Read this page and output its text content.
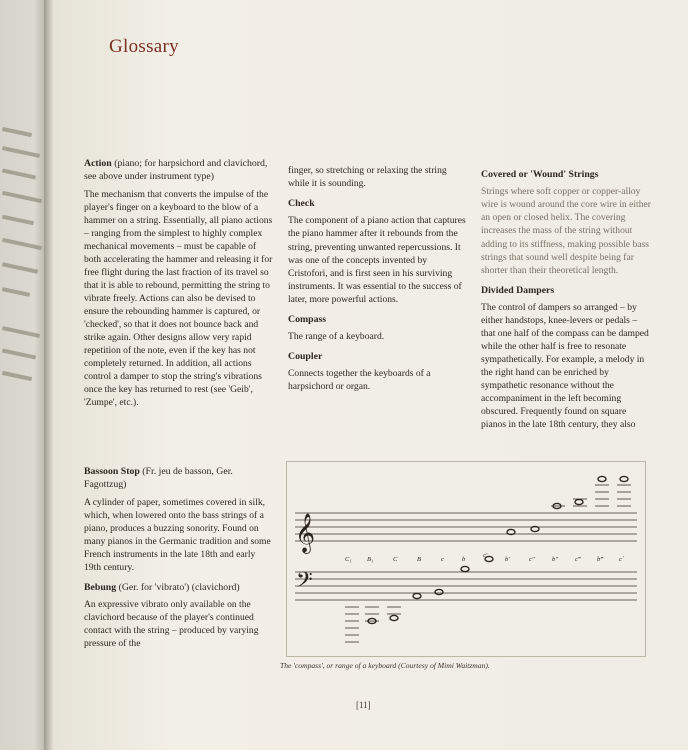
Glossary
Action (piano; for harpsichord and clavichord, see above under instrument type)

The mechanism that converts the impulse of the player's finger on a keyboard to the blow of a hammer on a string. Essentially, all piano actions – ranging from the simplest to highly complex mechanical movements – must be capable of both accelerating the hammer and releasing it for free flight during the last fraction of its travel so that it is able to rebound, permitting the string to vibrate freely. Actions can also be devised to ensure the rebounding hammer is captured, or 'checked', so that it does not bounce back and strike again. Other designs allow very rapid repetition of the note, even if the key has not completely returned. In addition, all actions control a damper to stop the string's vibrations once the key has returned to rest (see 'Geib', 'Zumpe', etc.).

Bassoon Stop (Fr. jeu de basson, Ger. Fagottzug)

A cylinder of paper, sometimes covered in silk, which, when lowered onto the bass strings of a piano, produces a buzzing sonority. Found on many pianos in the Germanic tradition and some French instruments in the late 18th and early 19th century.

Bebung (Ger. for 'vibrato') (clavichord)

An expressive vibrato only available on the clavichord because of the player's continued contact with the string – produced by varying pressure of the

finger, so stretching or relaxing the string while it is sounding.

Check

The component of a piano action that captures the piano hammer after it rebounds from the string, preventing unwanted repercussions. It was one of the concepts invented by Cristofori, and is first seen in his surviving instruments. It was essential to the success of later, more powerful actions.

Compass

The range of a keyboard.

Coupler

Connects together the keyboards of a harpsichord or organ.

Covered or 'Wound' Strings

Strings where soft copper or copper-alloy wire is wound around the core wire in either an open or closed helix. The covering increases the mass of the string without adding to its stiffness, making possible bass strings that sound well despite being far shorter than their theoretical length.

Divided Dampers

The control of dampers so arranged – by either handstops, knee-levers or pedals – that one half of the compass can be damped while the other half is free to resonate sympathetically. For example, a melody in the right hand can be enriched by sympathetic resonance without the accompaniment in the left becoming obscured. Frequently found on square pianos in the late 18th century, they also

𝄞
𝄢
C₁ B₁	C	B	c	b
c′
b′	c″	b″	c‴ b‴ c‵
The 'compass', or range of a keyboard (Courtesy of Mimi Waitzman).
[11]
